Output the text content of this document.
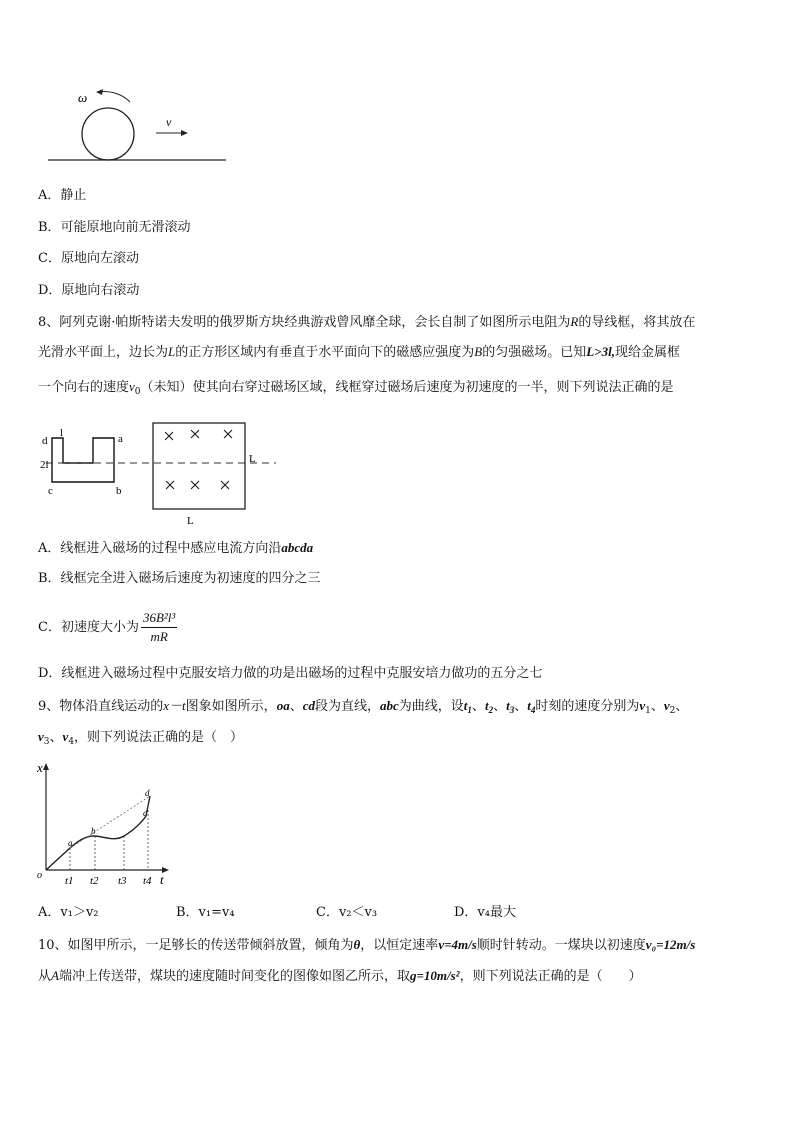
ω
v
A．静止
B．可能原地向前无滑滚动
C．原地向左滚动
D．原地向右滚动
8、阿列克谢·帕斯特诺夫发明的俄罗斯方块经典游戏曾风靡全球，会长自制了如图所示电阻为R的导线框，将其放在
光滑水平面上，边长为L的正方形区域内有垂直于水平面向下的磁感应强度为B的匀强磁场。已知L>3l,现给金属框
一个向右的速度$v_0$（未知）使其向右穿过磁场区域，线框穿过磁场后速度为初速度的一半，则下列说法正确的是
d
l	a
2l
c	b
L
L
A．线框进入磁场的过程中感应电流方向沿abcda
B．线框完全进入磁场后速度为初速度的四分之三
C．初速度大小为 $\frac{\text{36B²l³}}{mR}$
D．线框进入磁场过程中克服安培力做的功是出磁场的过程中克服安培力做功的五分之七
9、物体沿直线运动的x－t图象如图所示，oa、cd段为直线，abc为曲线，设$t_1$、$t_2$、$t_3$、$t_4$时刻的速度分别为$v_1$、$v_2$、
$v_3$、$v_4$，则下列说法正确的是（　）
x
t
o
a
b
c
d
t1 t2 t3 t4
A．v₁＞v₂	B．v₁=v₄	C．v₂＜v₃	D．v₄最大
10、如图甲所示，一足够长的传送带倾斜放置，倾角为θ，以恒定速率v=4m/s顺时针转动。一煤块以初速度v₀=12m/s
从A端冲上传送带，煤块的速度随时间变化的图像如图乙所示，取g=10m/s²，则下列说法正确的是（　　）
